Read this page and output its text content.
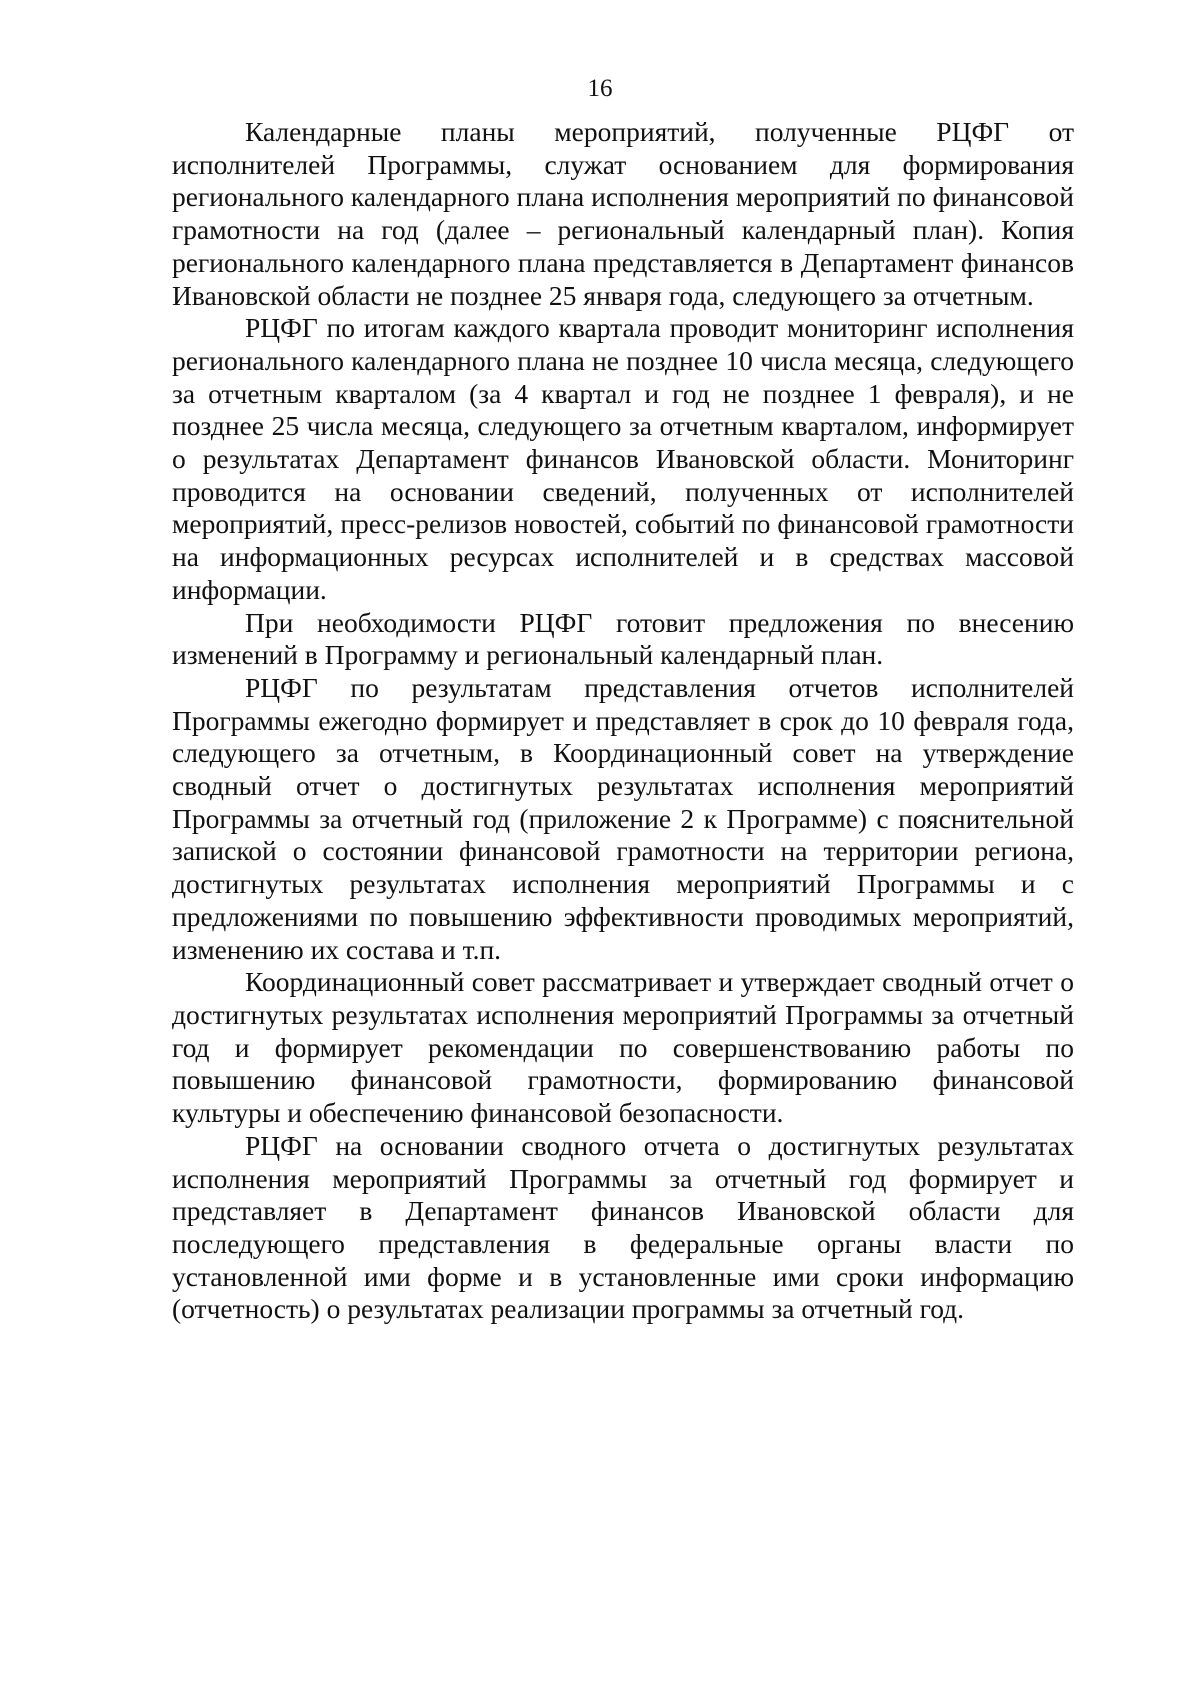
16

Календарные планы мероприятий, полученные РЦФГ от исполнителей Программы, служат основанием для формирования регионального календарного плана исполнения мероприятий по финансовой грамотности на год (далее – региональный календарный план). Копия регионального календарного плана представляется в Департамент финансов Ивановской области не позднее 25 января года, следующего за отчетным.

РЦФГ по итогам каждого квартала проводит мониторинг исполнения регионального календарного плана не позднее 10 числа месяца, следующего за отчетным кварталом (за 4 квартал и год не позднее 1 февраля), и не позднее 25 числа месяца, следующего за отчетным кварталом, информирует о результатах Департамент финансов Ивановской области. Мониторинг проводится на основании сведений, полученных от исполнителей мероприятий, пресс-релизов новостей, событий по финансовой грамотности на информационных ресурсах исполнителей и в средствах массовой информации.

При необходимости РЦФГ готовит предложения по внесению изменений в Программу и региональный календарный план.

РЦФГ по результатам представления отчетов исполнителей Программы ежегодно формирует и представляет в срок до 10 февраля года, следующего за отчетным, в Координационный совет на утверждение сводный отчет о достигнутых результатах исполнения мероприятий Программы за отчетный год (приложение 2 к Программе) с пояснительной запиской о состоянии финансовой грамотности на территории региона, достигнутых результатах исполнения мероприятий Программы и с предложениями по повышению эффективности проводимых мероприятий, изменению их состава и т.п.

Координационный совет рассматривает и утверждает сводный отчет о достигнутых результатах исполнения мероприятий Программы за отчетный год и формирует рекомендации по совершенствованию работы по повышению финансовой грамотности, формированию финансовой культуры и обеспечению финансовой безопасности.

РЦФГ на основании сводного отчета о достигнутых результатах исполнения мероприятий Программы за отчетный год формирует и представляет в Департамент финансов Ивановской области для последующего представления в федеральные органы власти по установленной ими форме и в установленные ими сроки информацию (отчетность) о результатах реализации программы за отчетный год.
